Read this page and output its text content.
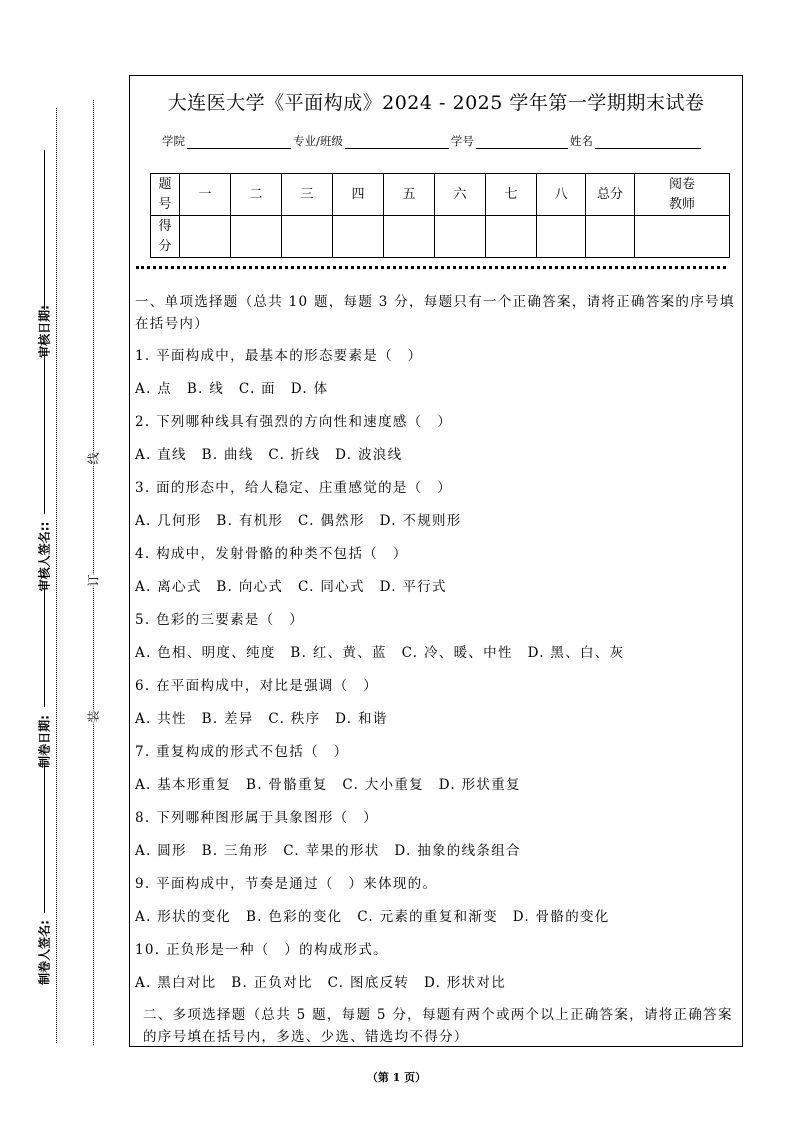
审核日期:
审核人签名::
制卷日期:
制卷人签名:
线
订
装
大连医大学《平面构成》2024 - 2025 学年第一学期期末试卷
学院	专业/班级	学号	姓名
题号	一	二	三	四	五	六	七	八	总分	阅卷教师
得分										

一、单项选择题（总共 10 题，每题 3 分，每题只有一个正确答案，请将正确答案的序号填在括号内）

1. 平面构成中，最基本的形态要素是（　）

A. 点　B. 线　C. 面　D. 体

2. 下列哪种线具有强烈的方向性和速度感（　）

A. 直线　B. 曲线　C. 折线　D. 波浪线

3. 面的形态中，给人稳定、庄重感觉的是（　）

A. 几何形　B. 有机形　C. 偶然形　D. 不规则形

4. 构成中，发射骨骼的种类不包括（　）

A. 离心式　B. 向心式　C. 同心式　D. 平行式

5. 色彩的三要素是（　）

A. 色相、明度、纯度　B. 红、黄、蓝　C. 冷、暖、中性　D. 黑、白、灰

6. 在平面构成中，对比是强调（　）

A. 共性　B. 差异　C. 秩序　D. 和谐

7. 重复构成的形式不包括（　）

A. 基本形重复　B. 骨骼重复　C. 大小重复　D. 形状重复

8. 下列哪种图形属于具象图形（　）

A. 圆形　B. 三角形　C. 苹果的形状　D. 抽象的线条组合

9. 平面构成中，节奏是通过（　）来体现的。

A. 形状的变化　B. 色彩的变化　C. 元素的重复和渐变　D. 骨骼的变化

10. 正负形是一种（　）的构成形式。

A. 黑白对比　B. 正负对比　C. 图底反转　D. 形状对比

二、多项选择题（总共 5 题，每题 5 分，每题有两个或两个以上正确答案，请将正确答案的序号填在括号内，多选、少选、错选均不得分）

（第 1 页）
